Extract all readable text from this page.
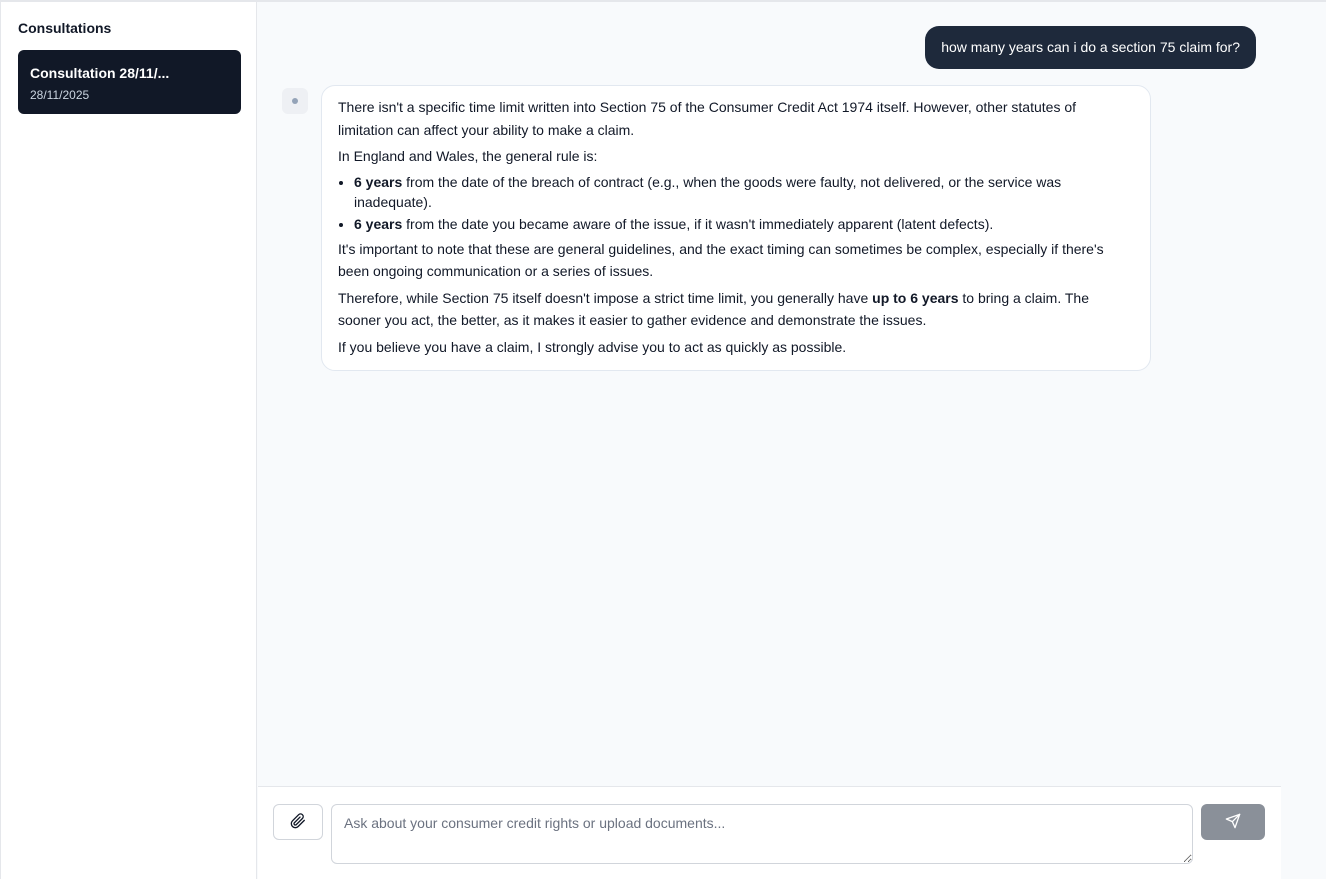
Consultations
Consultation 28/11/...
28/11/2025
how many years can i do a section 75 claim for?

There isn't a specific time limit written into Section 75 of the Consumer Credit Act 1974 itself. However, other statutes of limitation can affect your ability to make a claim.

In England and Wales, the general rule is:

• 6 years from the date of the breach of contract (e.g., when the goods were faulty, not delivered, or the service was inadequate).
• 6 years from the date you became aware of the issue, if it wasn't immediately apparent (latent defects).

It's important to note that these are general guidelines, and the exact timing can sometimes be complex, especially if there's been ongoing communication or a series of issues.

Therefore, while Section 75 itself doesn't impose a strict time limit, you generally have up to 6 years to bring a claim. The sooner you act, the better, as it makes it easier to gather evidence and demonstrate the issues.

If you believe you have a claim, I strongly advise you to act as quickly as possible.

Ask about your consumer credit rights or upload documents...
